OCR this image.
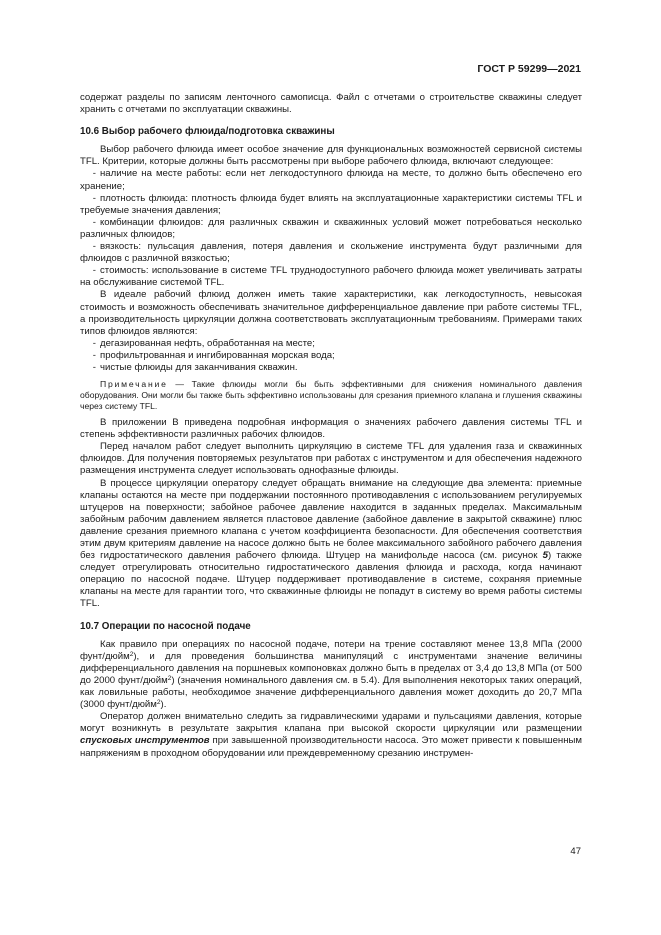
ГОСТ Р 59299—2021

содержат разделы по записям ленточного самописца. Файл с отчетами о строительстве скважины следует хранить с отчетами по эксплуатации скважины.

10.6 Выбор рабочего флюида/подготовка скважины

Выбор рабочего флюида имеет особое значение для функциональных возможностей сервисной системы TFL. Критерии, которые должны быть рассмотрены при выборе рабочего флюида, включают следующее:

- наличие на месте работы: если нет легкодоступного флюида на месте, то должно быть обеспечено его хранение;

- плотность флюида: плотность флюида будет влиять на эксплуатационные характеристики системы TFL и требуемые значения давления;

- комбинации флюидов: для различных скважин и скважинных условий может потребоваться несколько различных флюидов;

- вязкость: пульсация давления, потеря давления и скольжение инструмента будут различными для флюидов с различной вязкостью;

- стоимость: использование в системе TFL труднодоступного рабочего флюида может увеличивать затраты на обслуживание системой TFL.

В идеале рабочий флюид должен иметь такие характеристики, как легкодоступность, невысокая стоимость и возможность обеспечивать значительное дифференциальное давление при работе системы TFL, а производительность циркуляции должна соответствовать эксплуатационным требованиям. Примерами таких типов флюидов являются:

- дегазированная нефть, обработанная на месте;

- профильтрованная и ингибированная морская вода;

- чистые флюиды для заканчивания скважин.

Примечание — Такие флюиды могли бы быть эффективными для снижения номинального давления оборудования. Они могли бы также быть эффективно использованы для срезания приемного клапана и глушения скважины через систему TFL.

В приложении В приведена подробная информация о значениях рабочего давления системы TFL и степень эффективности различных рабочих флюидов.

Перед началом работ следует выполнить циркуляцию в системе TFL для удаления газа и скважинных флюидов. Для получения повторяемых результатов при работах с инструментом и для обеспечения надежного размещения инструмента следует использовать однофазные флюиды.

В процессе циркуляции оператору следует обращать внимание на следующие два элемента: приемные клапаны остаются на месте при поддержании постоянного противодавления с использованием регулируемых штуцеров на поверхности; забойное рабочее давление находится в заданных пределах. Максимальным забойным рабочим давлением является пластовое давление (забойное давление в закрытой скважине) плюс давление срезания приемного клапана с учетом коэффициента безопасности. Для обеспечения соответствия этим двум критериям давление на насосе должно быть не более максимального забойного рабочего давления без гидростатического давления рабочего флюида. Штуцер на манифольде насоса (см. рисунок 5) также следует отрегулировать относительно гидростатического давления флюида и расхода, когда начинают операцию по насосной подаче. Штуцер поддерживает противодавление в системе, сохраняя приемные клапаны на месте для гарантии того, что скважинные флюиды не попадут в систему во время работы системы TFL.

10.7 Операции по насосной подаче

Как правило при операциях по насосной подаче, потери на трение составляют менее 13,8 МПа (2000 фунт/дюйм$^2$), и для проведения большинства манипуляций с инструментами значение величины дифференциального давления на поршневых компоновках должно быть в пределах от 3,4 до 13,8 МПа (от 500 до 2000 фунт/дюйм$^2$) (значения номинального давления см. в 5.4). Для выполнения некоторых таких операций, как ловильные работы, необходимое значение дифференциального давления может доходить до 20,7 МПа (3000 фунт/дюйм$^2$).

Оператор должен внимательно следить за гидравлическими ударами и пульсациями давления, которые могут возникнуть в результате закрытия клапана при высокой скорости циркуляции или размещении спусковых инструментов при завышенной производительности насоса. Это может привести к повышенным напряжениям в проходном оборудовании или преждевременному срезанию инструмен-

47
